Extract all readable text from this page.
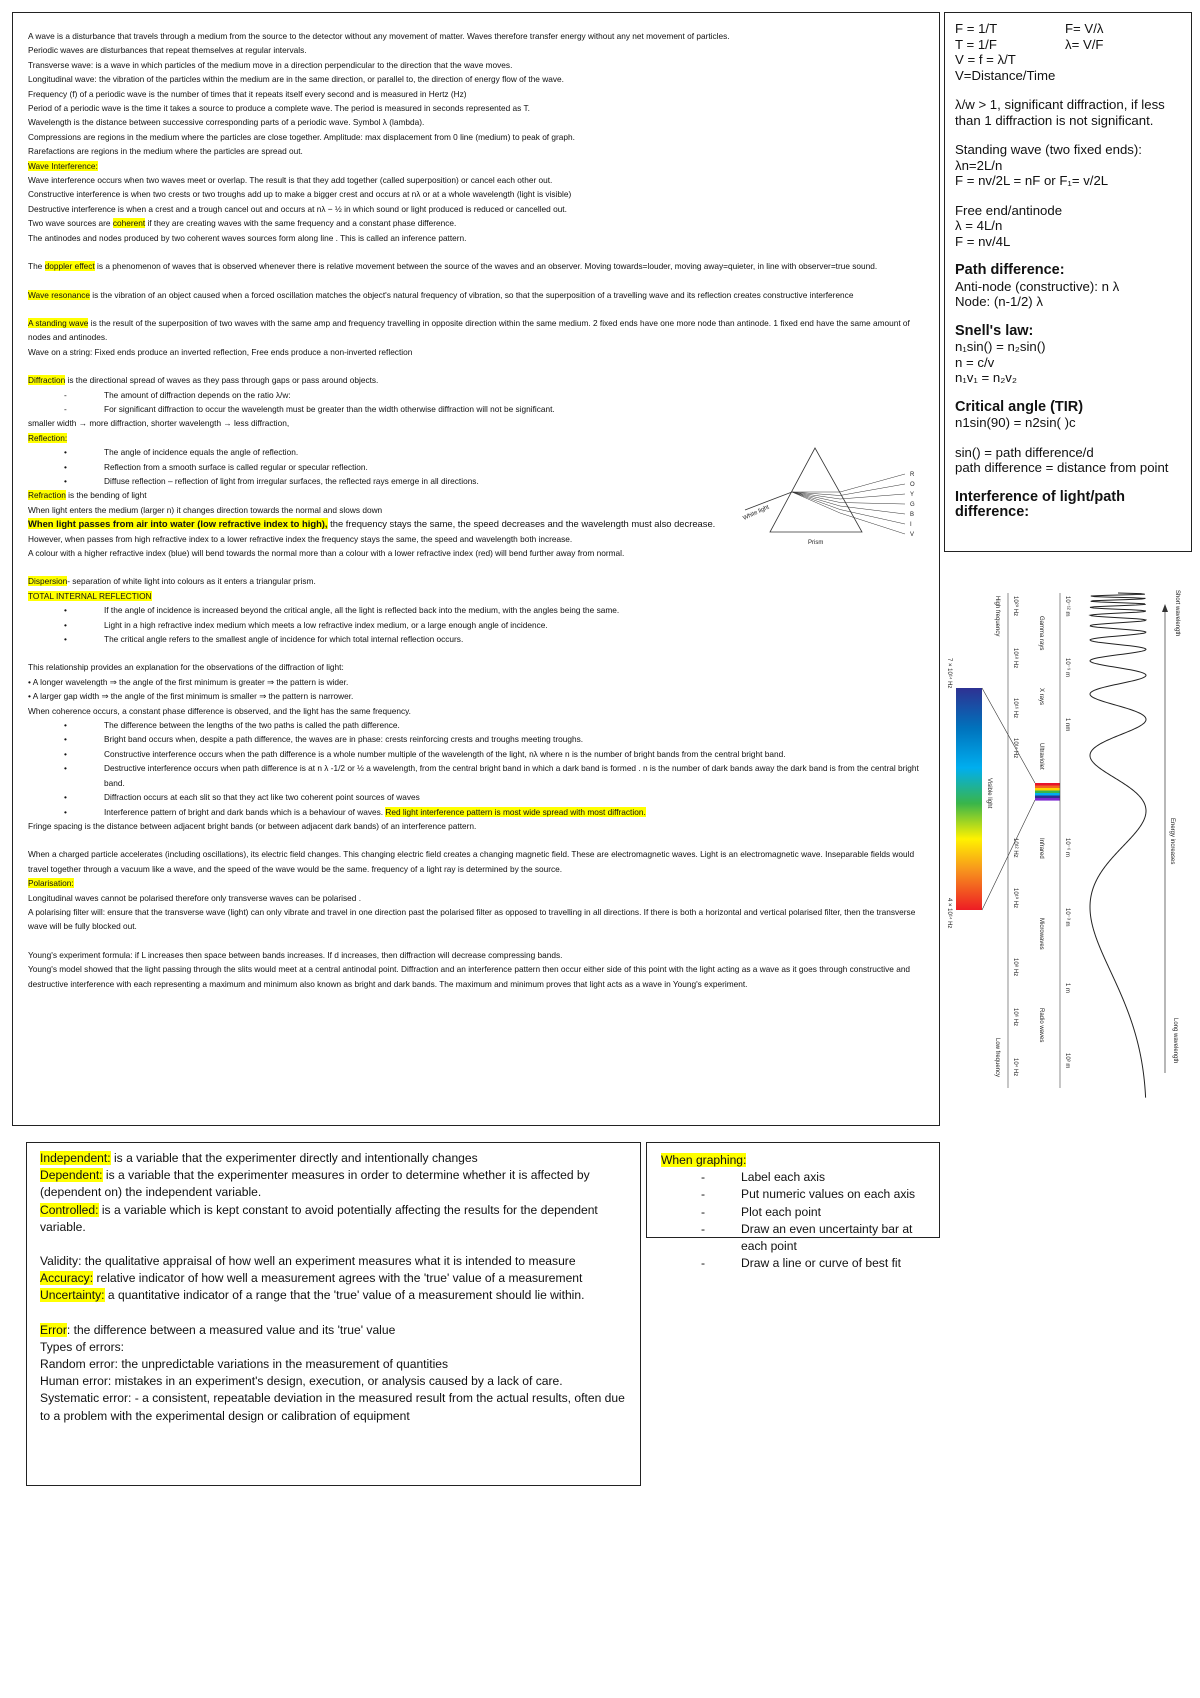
A wave is a disturbance that travels through a medium from the source to the detector without any movement of matter. Waves therefore transfer energy without any net movement of particles.

Periodic waves are disturbances that repeat themselves at regular intervals.

Transverse wave: is a wave in which particles of the medium move in a direction perpendicular to the direction that the wave moves.

Longitudinal wave: the vibration of the particles within the medium are in the same direction, or parallel to, the direction of energy flow of the wave.

Frequency (f) of a periodic wave is the number of times that it repeats itself every second and is measured in Hertz (Hz)

Period of a periodic wave is the time it takes a source to produce a complete wave. The period is measured in seconds represented as T.

Wavelength is the distance between successive corresponding parts of a periodic wave. Symbol λ (lambda).

Compressions are regions in the medium where the particles are close together. Amplitude: max displacement from 0 line (medium) to peak of graph.

Rarefactions are regions in the medium where the particles are spread out.

Wave Interference:

Wave interference occurs when two waves meet or overlap. The result is that they add together (called superposition) or cancel each other out.

Constructive interference is when two crests or two troughs add up to make a bigger crest and occurs at nλ or at a whole wavelength (light is visible)

Destructive interference is when a crest and a trough cancel out and occurs at nλ − ½ in which sound or light produced is reduced or cancelled out.

Two wave sources are coherent if they are creating waves with the same frequency and a constant phase difference.

The antinodes and nodes produced by two coherent waves sources form along line . This is called an inference pattern.

The doppler effect is a phenomenon of waves that is observed whenever there is relative movement between the source of the waves and an observer. Moving towards=louder, moving away=quieter, in line with observer=true sound.

Wave resonance is the vibration of an object caused when a forced oscillation matches the object's natural frequency of vibration, so that the superposition of a travelling wave and its reflection creates constructive interference

A standing wave is the result of the superposition of two waves with the same amp and frequency travelling in opposite direction within the same medium. 2 fixed ends have one more node than antinode. 1 fixed end have the same amount of nodes and antinodes.

Wave on a string: Fixed ends produce an inverted reflection, Free ends produce a non-inverted reflection

Diffraction is the directional spread of waves as they pass through gaps or pass around objects.

- The amount of diffraction depends on the ratio λ/w:
- For significant diffraction to occur the wavelength must be greater than the width otherwise diffraction will not be significant.

smaller width → more diffraction, shorter wavelength → less diffraction,

Reflection:

• The angle of incidence equals the angle of reflection.
• Reflection from a smooth surface is called regular or specular reflection.
• Diffuse reflection – reflection of light from irregular surfaces, the reflected rays emerge in all directions.

Refraction is the bending of light

When light enters the medium (larger n) it changes direction towards the normal and slows down

When light passes from air into water (low refractive index to high), the frequency stays the same, the speed decreases and the wavelength must also decrease.

However, when passes from high refractive index to a lower refractive index the frequency stays the same, the speed and wavelength both increase.

A colour with a higher refractive index (blue) will bend towards the normal more than a colour with a lower refractive index (red) will bend further away from normal.

Dispersion- separation of white light into colours as it enters a triangular prism.

TOTAL INTERNAL REFLECTION

• If the angle of incidence is increased beyond the critical angle, all the light is reflected back into the medium, with the angles being the same.
• Light in a high refractive index medium which meets a low refractive index medium, or a large enough angle of incidence.
• The critical angle refers to the smallest angle of incidence for which total internal reflection occurs.

This relationship provides an explanation for the observations of the diffraction of light:

• A longer wavelength ⇒ the angle of the first minimum is greater ⇒ the pattern is wider.

• A larger gap width ⇒ the angle of the first minimum is smaller ⇒ the pattern is narrower.

When coherence occurs, a constant phase difference is observed, and the light has the same frequency.

• The difference between the lengths of the two paths is called the path difference.
• Bright band occurs when, despite a path difference, the waves are in phase: crests reinforcing crests and troughs meeting troughs.
• Constructive interference occurs when the path difference is a whole number multiple of the wavelength of the light, nλ where n is the number of bright bands from the central bright band.
• Destructive interference occurs when path difference is at n λ -1/2 or ½ a wavelength, from the central bright band in which a dark band is formed . n is the number of dark bands away the dark band is from the central bright band.
• Diffraction occurs at each slit so that they act like two coherent point sources of waves
• Interference pattern of bright and dark bands which is a behaviour of waves. Red light interference pattern is most wide spread with most diffraction.

Fringe spacing is the distance between adjacent bright bands (or between adjacent dark bands) of an interference pattern.

When a charged particle accelerates (including oscillations), its electric field changes. This changing electric field creates a changing magnetic field. These are electromagnetic waves. Light is an electromagnetic wave. Inseparable fields would travel together through a vacuum like a wave, and the speed of the wave would be the same. frequency of a light ray is determined by the source.

Polarisation:

Longitudinal waves cannot be polarised therefore only transverse waves can be polarised .

A polarising filter will: ensure that the transverse wave (light) can only vibrate and travel in one direction past the polarised filter as opposed to travelling in all directions. If there is both a horizontal and vertical polarised filter, then the transverse wave will be fully blocked out.

Young's experiment formula: if L increases then space between bands increases. If d increases, then diffraction will decrease compressing bands.

Young's model showed that the light passing through the slits would meet at a central antinodal point. Diffraction and an interference pattern then occur either side of this point with the light acting as a wave as it goes through constructive and destructive interference with each representing a maximum and minimum also known as bright and dark bands. The maximum and minimum proves that light acts as a wave in Young's experiment.

White light
Prism
R
O
Y
G
B
I
V
F = 1/T	F= V/λ
T = 1/F	λ= V/F

V = f = λ/T

V=Distance/Time

λ/w > 1, significant diffraction, if less than 1 diffraction is not significant.

Standing wave (two fixed ends):

λn=2L/n

F = nv/2L = nF or F₁= v/2L

Free end/antinode

λ = 4L/n

F = nv/4L

Path difference:

Anti-node (constructive): n λ

Node: (n-1/2) λ

Snell's law:

n₁sin() = n₂sin()

n = c/v

n₁v₁ = n₂v₂

Critical angle (TIR)

n1sin(90) = n2sin( )c

sin() = path difference/d

path difference = distance from point

Interference of light/path difference:

Short wavelength
Energy increases
Long wavelength
High frequency
Low frequency
Visible light
7 × 10¹⁴ Hz
4 × 10¹⁴ Hz
Gamma rays
X rays
Ultraviolet
Infrared
Microwaves
Radio waves
10⁻¹² m
10⁻⁹ m
1 nm
10⁻⁶ m
10⁻³ m
1 m
10³ m
10²⁰ Hz
10¹⁸ Hz
10¹⁶ Hz
10¹⁴ Hz
10¹² Hz
10¹⁰ Hz
10⁸ Hz
10⁶ Hz
10⁴ Hz

Independent: is a variable that the experimenter directly and intentionally changes

Dependent: is a variable that the experimenter measures in order to determine whether it is affected by (dependent on) the independent variable.

Controlled: is a variable which is kept constant to avoid potentially affecting the results for the dependent variable.

Validity: the qualitative appraisal of how well an experiment measures what it is intended to measure

Accuracy: relative indicator of how well a measurement agrees with the 'true' value of a measurement

Uncertainty: a quantitative indicator of a range that the 'true' value of a measurement should lie within.

Error: the difference between a measured value and its 'true' value

Types of errors:

Random error: the unpredictable variations in the measurement of quantities

Human error: mistakes in an experiment's design, execution, or analysis caused by a lack of care.

Systematic error: - a consistent, repeatable deviation in the measured result from the actual results, often due to a problem with the experimental design or calibration of equipment

When graphing:

- Label each axis
- Put numeric values on each axis
- Plot each point
- Draw an even uncertainty bar at each point
- Draw a line or curve of best fit
